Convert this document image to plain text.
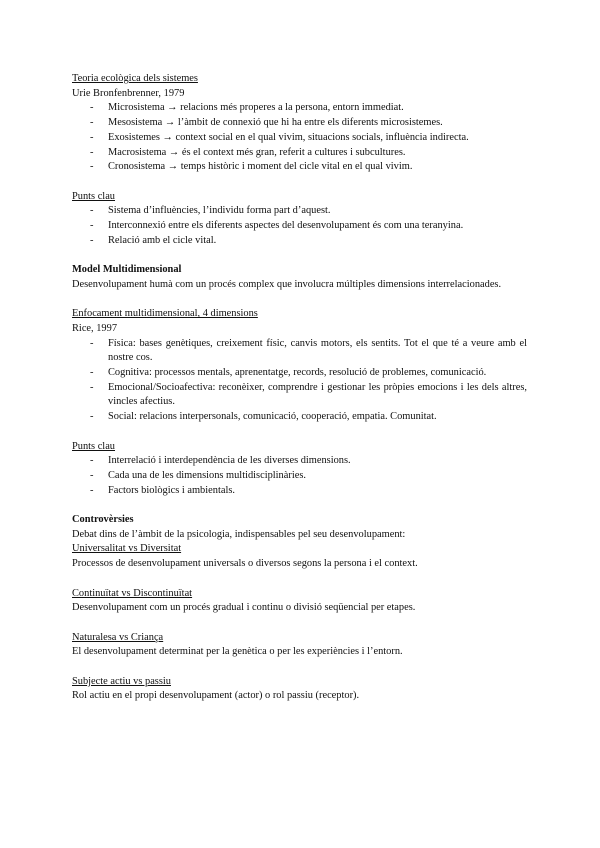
Teoria ecològica dels sistemes

Urie Bronfenbrenner, 1979

- Microsistema → relacions més properes a la persona, entorn immediat.
- Mesosistema → l’àmbit de connexió que hi ha entre els diferents microsistemes.
- Exosistemes → context social en el qual vivim, situacions socials, influència indirecta.
- Macrosistema → és el context més gran, referit a cultures i subcultures.
- Cronosistema → temps històric i moment del cicle vital en el qual vivim.

Punts clau

- Sistema d’influències, l’individu forma part d’aquest.
- Interconnexió entre els diferents aspectes del desenvolupament és com una teranyina.
- Relació amb el cicle vital.

Model Multidimensional

Desenvolupament humà com un procés complex que involucra múltiples dimensions interrelacionades.

Enfocament multidimensional, 4 dimensions

Rice, 1997

- Física: bases genètiques, creixement físic, canvis motors, els sentits. Tot el que té a veure amb el nostre cos.
- Cognitiva: processos mentals, aprenentatge, records, resolució de problemes, comunicació.
- Emocional/Socioafectiva: reconèixer, comprendre i gestionar les pròpies emocions i les dels altres, vincles afectius.
- Social: relacions interpersonals, comunicació, cooperació, empatia. Comunitat.

Punts clau

- Interrelació i interdependència de les diverses dimensions.
- Cada una de les dimensions multidisciplinàries.
- Factors biològics i ambientals.

Controvèrsies

Debat dins de l’àmbit de la psicologia, indispensables pel seu desenvolupament:

Universalitat vs Diversitat

Processos de desenvolupament universals o diversos segons la persona i el context.

Continuïtat vs Discontinuïtat

Desenvolupament com un procés gradual i continu o divisió seqüencial per etapes.

Naturalesa vs Criança

El desenvolupament determinat per la genètica o per les experiències i l’entorn.

Subjecte actiu vs passiu

Rol actiu en el propi desenvolupament (actor) o rol passiu (receptor).
